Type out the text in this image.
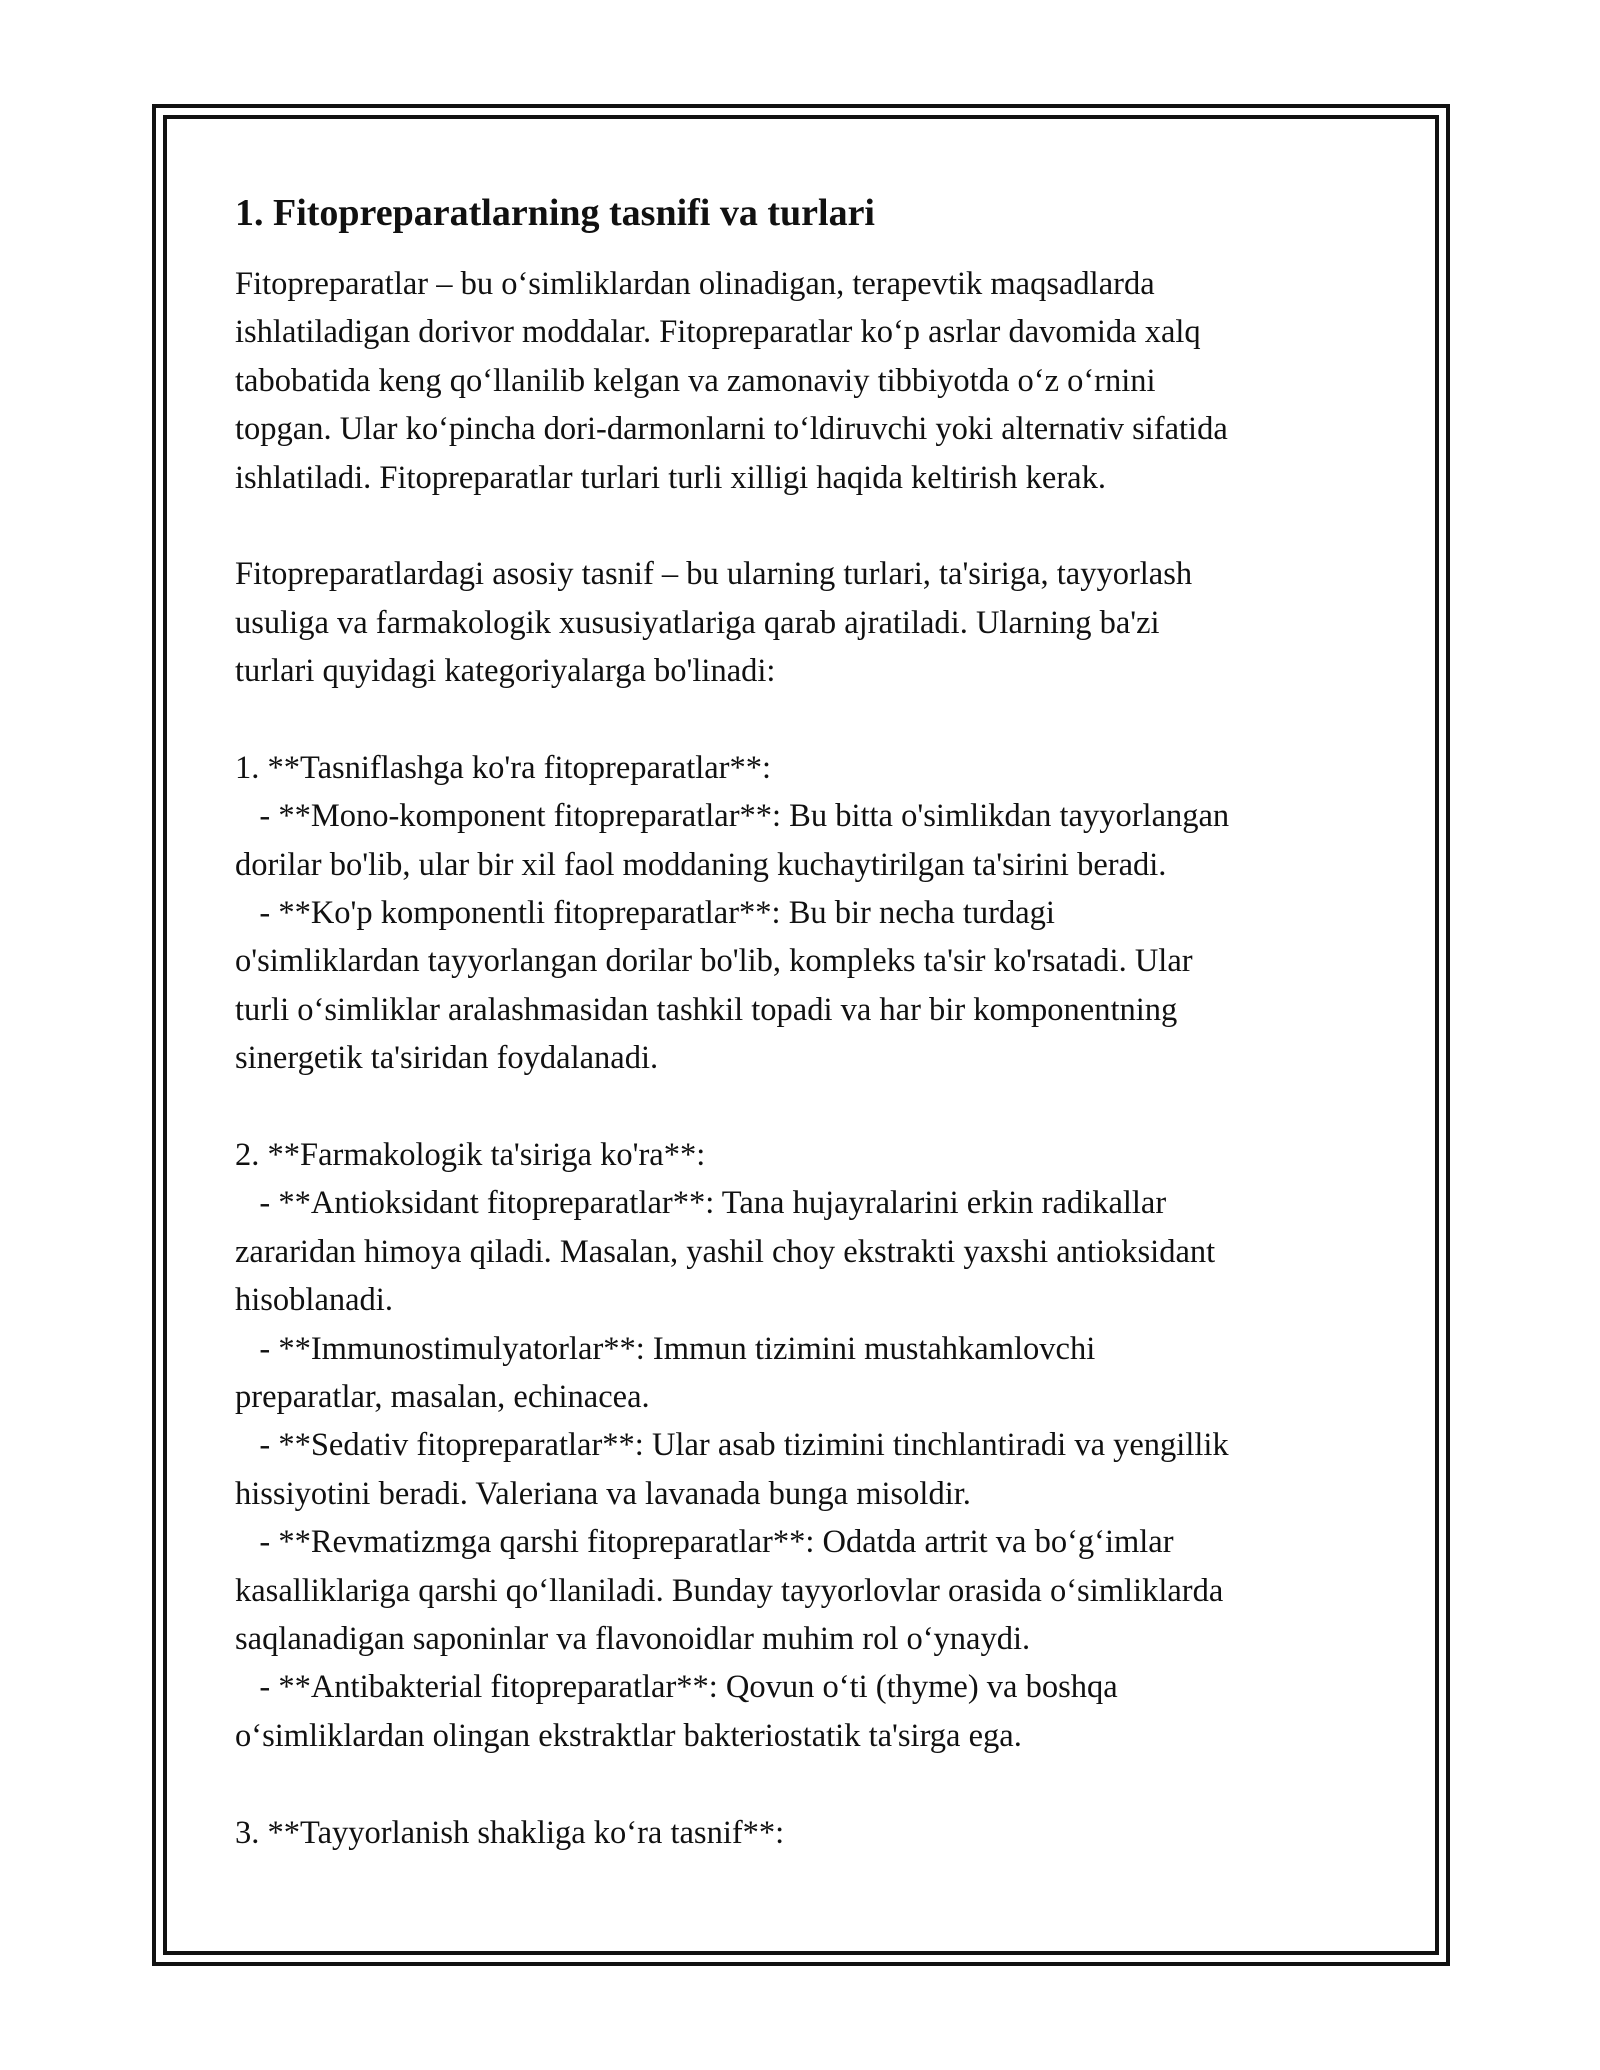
1. Fitopreparatlarning tasnifi va turlari
Fitopreparatlar – bu o‘simliklardan olinadigan, terapevtik maqsadlarda
ishlatiladigan dorivor moddalar. Fitopreparatlar ko‘p asrlar davomida xalq
tabobatida keng qo‘llanilib kelgan va zamonaviy tibbiyotda o‘z o‘rnini
topgan. Ular ko‘pincha dori-darmonlarni to‘ldiruvchi yoki alternativ sifatida
ishlatiladi. Fitopreparatlar turlari turli xilligi haqida keltirish kerak.
Fitopreparatlardagi asosiy tasnif – bu ularning turlari, ta'siriga, tayyorlash
usuliga va farmakologik xususiyatlariga qarab ajratiladi. Ularning ba'zi
turlari quyidagi kategoriyalarga bo'linadi:
1. **Tasniflashga ko'ra fitopreparatlar**:
- **Mono-komponent fitopreparatlar**: Bu bitta o'simlikdan tayyorlangan
dorilar bo'lib, ular bir xil faol moddaning kuchaytirilgan ta'sirini beradi.
- **Ko'p komponentli fitopreparatlar**: Bu bir necha turdagi
o'simliklardan tayyorlangan dorilar bo'lib, kompleks ta'sir ko'rsatadi. Ular
turli o‘simliklar aralashmasidan tashkil topadi va har bir komponentning
sinergetik ta'siridan foydalanadi.
2. **Farmakologik ta'siriga ko'ra**:
- **Antioksidant fitopreparatlar**: Tana hujayralarini erkin radikallar
zararidan himoya qiladi. Masalan, yashil choy ekstrakti yaxshi antioksidant
hisoblanadi.
- **Immunostimulyatorlar**: Immun tizimini mustahkamlovchi
preparatlar, masalan, echinacea.
- **Sedativ fitopreparatlar**: Ular asab tizimini tinchlantiradi va yengillik
hissiyotini beradi. Valeriana va lavanada bunga misoldir.
- **Revmatizmga qarshi fitopreparatlar**: Odatda artrit va bo‘g‘imlar
kasalliklariga qarshi qo‘llaniladi. Bunday tayyorlovlar orasida o‘simliklarda
saqlanadigan saponinlar va flavonoidlar muhim rol o‘ynaydi.
- **Antibakterial fitopreparatlar**: Qovun o‘ti (thyme) va boshqa
o‘simliklardan olingan ekstraktlar bakteriostatik ta'sirga ega.
3. **Tayyorlanish shakliga ko‘ra tasnif**:
